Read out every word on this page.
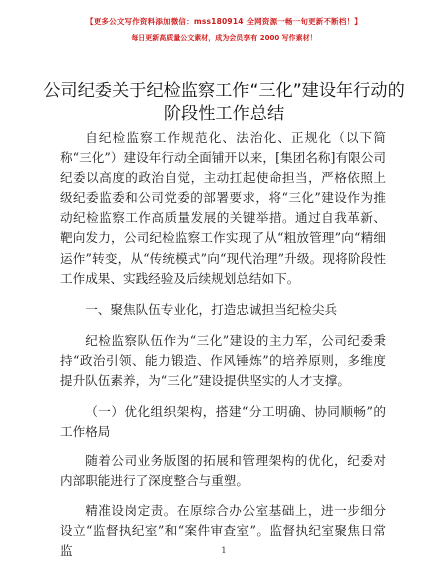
【更多公文写作资料添加微信：mss180914 全网资源一畅一旬更新不断档！】
每日更新高质量公文素材，成为会员享有 2000 写作素材！
公司纪委关于纪检监察工作“三化”建设年行动的阶段性工作总结

自纪检监察工作规范化、法治化、正规化（以下简称“三化”）建设年行动全面铺开以来，[集团名称]有限公司纪委以高度的政治自觉，主动扛起使命担当，严格依照上级纪委监委和公司党委的部署要求，将“三化”建设作为推动纪检监察工作高质量发展的关键举措。通过自我革新、靶向发力，公司纪检监察工作实现了从“粗放管理”向“精细运作”转变，从“传统模式”向“现代治理”升级。现将阶段性工作成果、实践经验及后续规划总结如下。

一、聚焦队伍专业化，打造忠诚担当纪检尖兵

纪检监察队伍作为“三化”建设的主力军，公司纪委秉持“政治引领、能力锻造、作风锤炼”的培养原则，多维度提升队伍素养，为“三化”建设提供坚实的人才支撑。

（一）优化组织架构，搭建“分工明确、协同顺畅”的工作格局

随着公司业务版图的拓展和管理架构的优化，纪委对内部职能进行了深度整合与重塑。

精准设岗定责。在原综合办公室基础上，进一步细分设立“监督执纪室”和“案件审查室”。监督执纪室聚焦日常监	1
